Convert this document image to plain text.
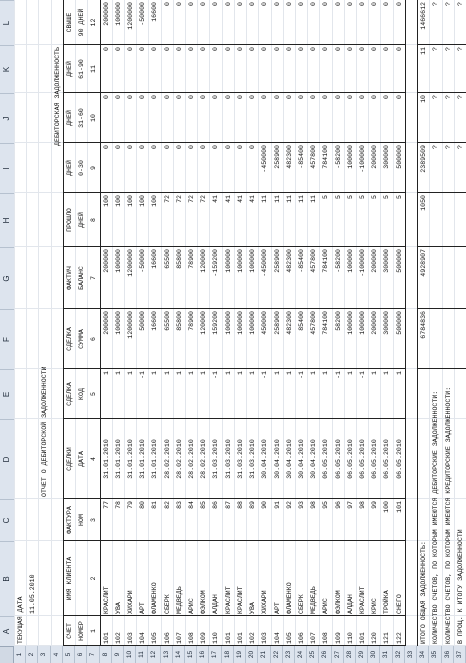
A
B
C
D
E
F
G
H
I
J
K
L
1 2 3 4 5 6 7 8 9 10 11 12 13 14 15 16 17 18 19 20 21 22 23 24 25 26 27 28 29 30 31 32 33 34 35 36 37
ТЕКУЩАЯ ДАТА
11.05.2010
ОТЧЕТ О ДЕБИТОРСКОЙ ЗАДОЛЖЕННОСТИ
ДЕБИТОРСКАЯ ЗАДОЛЖЕННОСТЬ
СЧЕТ НОМЕР 1
ИМЯ КЛИЕНТА	2
ФАКТУРА НОМ 3
СДЕЛКИ ДАТА 4
СДЕЛКА КОД 5
СДЕЛКА СУММА 6
ФАКТИЧ БАЛАНС 7
ПРОШЛО ДНЕЙ 8
ДНЕЙ 0-30 9
ДНЕЙ 31-60 10
ДНЕЙ 61-90 11
СВЫШЕ 90 ДНЕЙ 12
101
КРАСЛИТ
77
31.01.2010
1
200000
200000
100
0
0
0
200000
102
УВА
78
31.01.2010
1
100000
100000
100
0
0
0
100000
103
ХИХАРИ
79
31.01.2010
1
1200000
1200000
100
0
0
0
1200000
104
АРТ
80
31.01.2010
-1
50000
-50000
100
0
0
0
-50000
105
ФЛАМЕНКО
81
31.01.2010
1
16600
16600
100
0
0
0
16600
106
СБЕРК
82
28.02.2010
1
65500
65500
72
0
0
0
0
107
МЕДВЕДЬ
83
28.02.2010
1
85800
85800
72
0
0
0
0
108
АРИС
84
28.02.2010
1
78900
78900
72
0
0
0
0
109
ФЭЛКОМ
85
28.02.2010
1
120000
120000
72
0
0
0
0
110
АЛДАН
86
31.03.2010
-1
159200
-159200
41
0
0
0
0
101
КРАСЛИТ
87
31.03.2010
1
100000
100000
41
0
0
0
0
101
КРАСЛИТ
88
31.03.2010
1
100000
100000
41
0
0
0
0
102
УВА
89
31.03.2010
1
100000
100000
41
0
0
0
0
103
ХИХАРИ
90
30.04.2010
-1
450000
-450000
11
-450000
0
0
0
104
АРТ
91
30.04.2010
1
258900
258900
11
258900
0
0
0
105
ФЛАМЕНКО
92
30.04.2010
1
482300
482300
11
482300
0
0
0
106
СБЕРК
93
30.04.2010
-1
85400
-85400
11
-85400
0
0
0
107
МЕДВЕДЬ
98
30.04.2010
1
457800
457800
11
457800
0
0
0
108
АРИС
95
06.05.2010
1
784100
784100
5
784100
0
0
0
109
ФЭЛКОМ
96
06.05.2010
-1
58200
-58200
5
-58200
0
0
0
110
АЛДАН
97
06.05.2010
1
100000
100000
5
100000
0
0
0
101
КРАСЛИТ
98
06.05.2010
-1
100000
-100000
5
-100000
0
0
0
120
КРИС
99
06.05.2010
1
200000
200000
5
200000
0
0
0
121
ТРОЙКА
100
06.05.2010
1
300000
300000
5
300000
0
0
0
122
СНЕГО
101
06.05.2010
1
500000
500000
5
500000
0
0
0
ИТОГО ОБЩАЯ ЗАДОЛЖЕННОСТЬ:
6784836
4928907
1050
2389509
10
11
1466612
КОЛИЧЕСТВО СЧЕТОВ, ПО КОТОРЫМ ИМЕЮТСЯ ДЕБИТОРСКИЕ ЗАДОЛЖЕННОСТИ:
?
?
?
?
КОЛИЧЕСТВО СЧЕТОВ, ПО КОТОРЫМ ИМЕЮТСЯ КРЕДИТОРСКИЕ ЗАДОЛЖЕННОСТИ:
?
?
?
?
В ПРОЦ. К ИТОГУ ЗАДОЛЖЕННОСТИ
?
?
?
?
